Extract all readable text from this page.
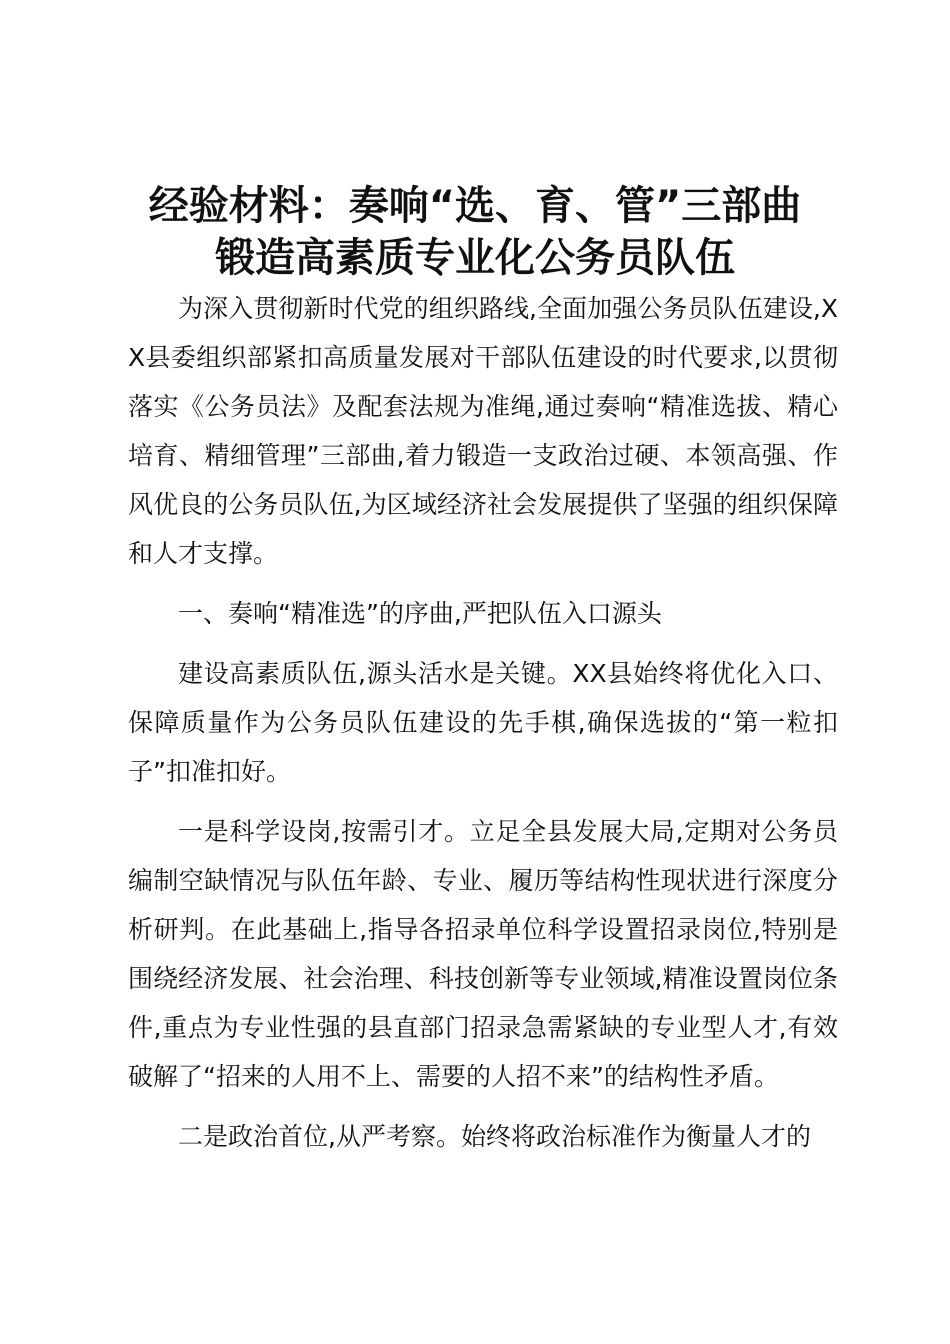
经验材料：奏响“选、育、管”三部曲
锻造高素质专业化公务员队伍

为深入贯彻新时代党的组织路线,全面加强公务员队伍建设,XX县委组织部紧扣高质量发展对干部队伍建设的时代要求,以贯彻落实《公务员法》及配套法规为准绳,通过奏响“精准选拔、精心培育、精细管理”三部曲,着力锻造一支政治过硬、本领高强、作风优良的公务员队伍,为区域经济社会发展提供了坚强的组织保障和人才支撑。

一、奏响“精准选”的序曲,严把队伍入口源头

建设高素质队伍,源头活水是关键。XX县始终将优化入口、保障质量作为公务员队伍建设的先手棋,确保选拔的“第一粒扣子”扣准扣好。

一是科学设岗,按需引才。立足全县发展大局,定期对公务员编制空缺情况与队伍年龄、专业、履历等结构性现状进行深度分析研判。在此基础上,指导各招录单位科学设置招录岗位,特别是围绕经济发展、社会治理、科技创新等专业领域,精准设置岗位条件,重点为专业性强的县直部门招录急需紧缺的专业型人才,有效破解了“招来的人用不上、需要的人招不来”的结构性矛盾。

二是政治首位,从严考察。始终将政治标准作为衡量人才的
